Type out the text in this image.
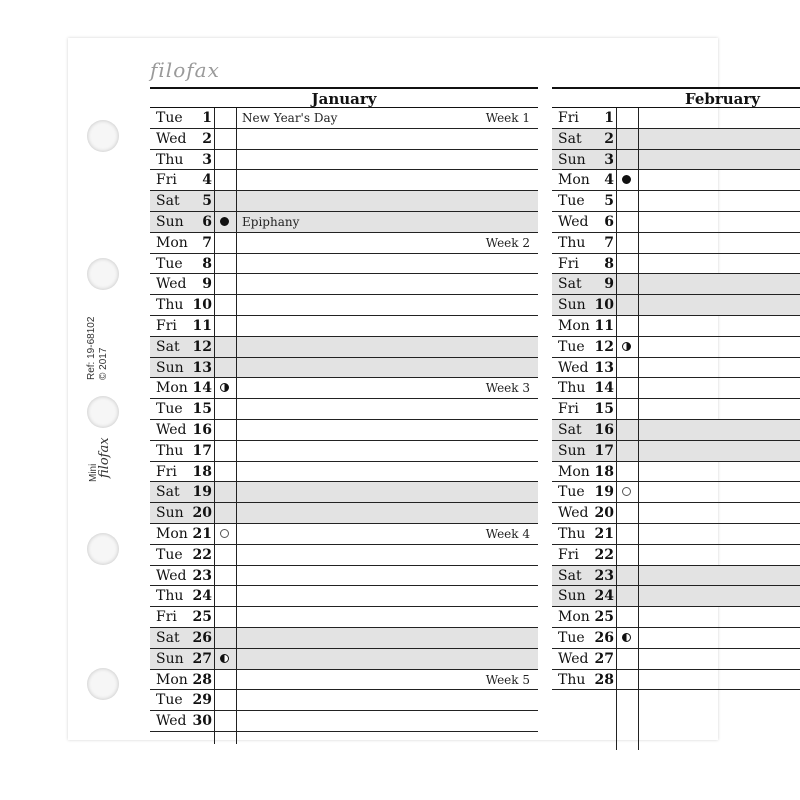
filofax
Ref: 19-68102 © 2017
Mini
filofax
January
Tue	1	New Year's Day	Week 1
Wed	2
Thu	3
Fri	4
Sat	5
Sun	6	Epiphany
Mon	7	Week 2
Tue	8
Wed	9
Thu 10
Fri	11
Sat 12
Sun 13
Mon 14	Week 3
Tue 15
Wed 16
Thu 17
Fri	18
Sat 19
Sun 20
Mon 21	Week 4
Tue 22
Wed 23
Thu 24
Fri	25
Sat 26
Sun 27
Mon 28	Week 5
Tue 29
Wed 30
February
Fri	1
Sat	2
Sun	3
Mon	4
Tue	5
Wed	6
Thu	7
Fri	8
Sat	9
Sun 10
Mon 11
Tue 12
Wed 13
Thu 14
Fri	15
Sat 16
Sun 17
Mon 18
Tue 19
Wed 20
Thu 21
Fri	22
Sat 23
Sun 24
Mon 25
Tue 26
Wed 27
Thu 28
